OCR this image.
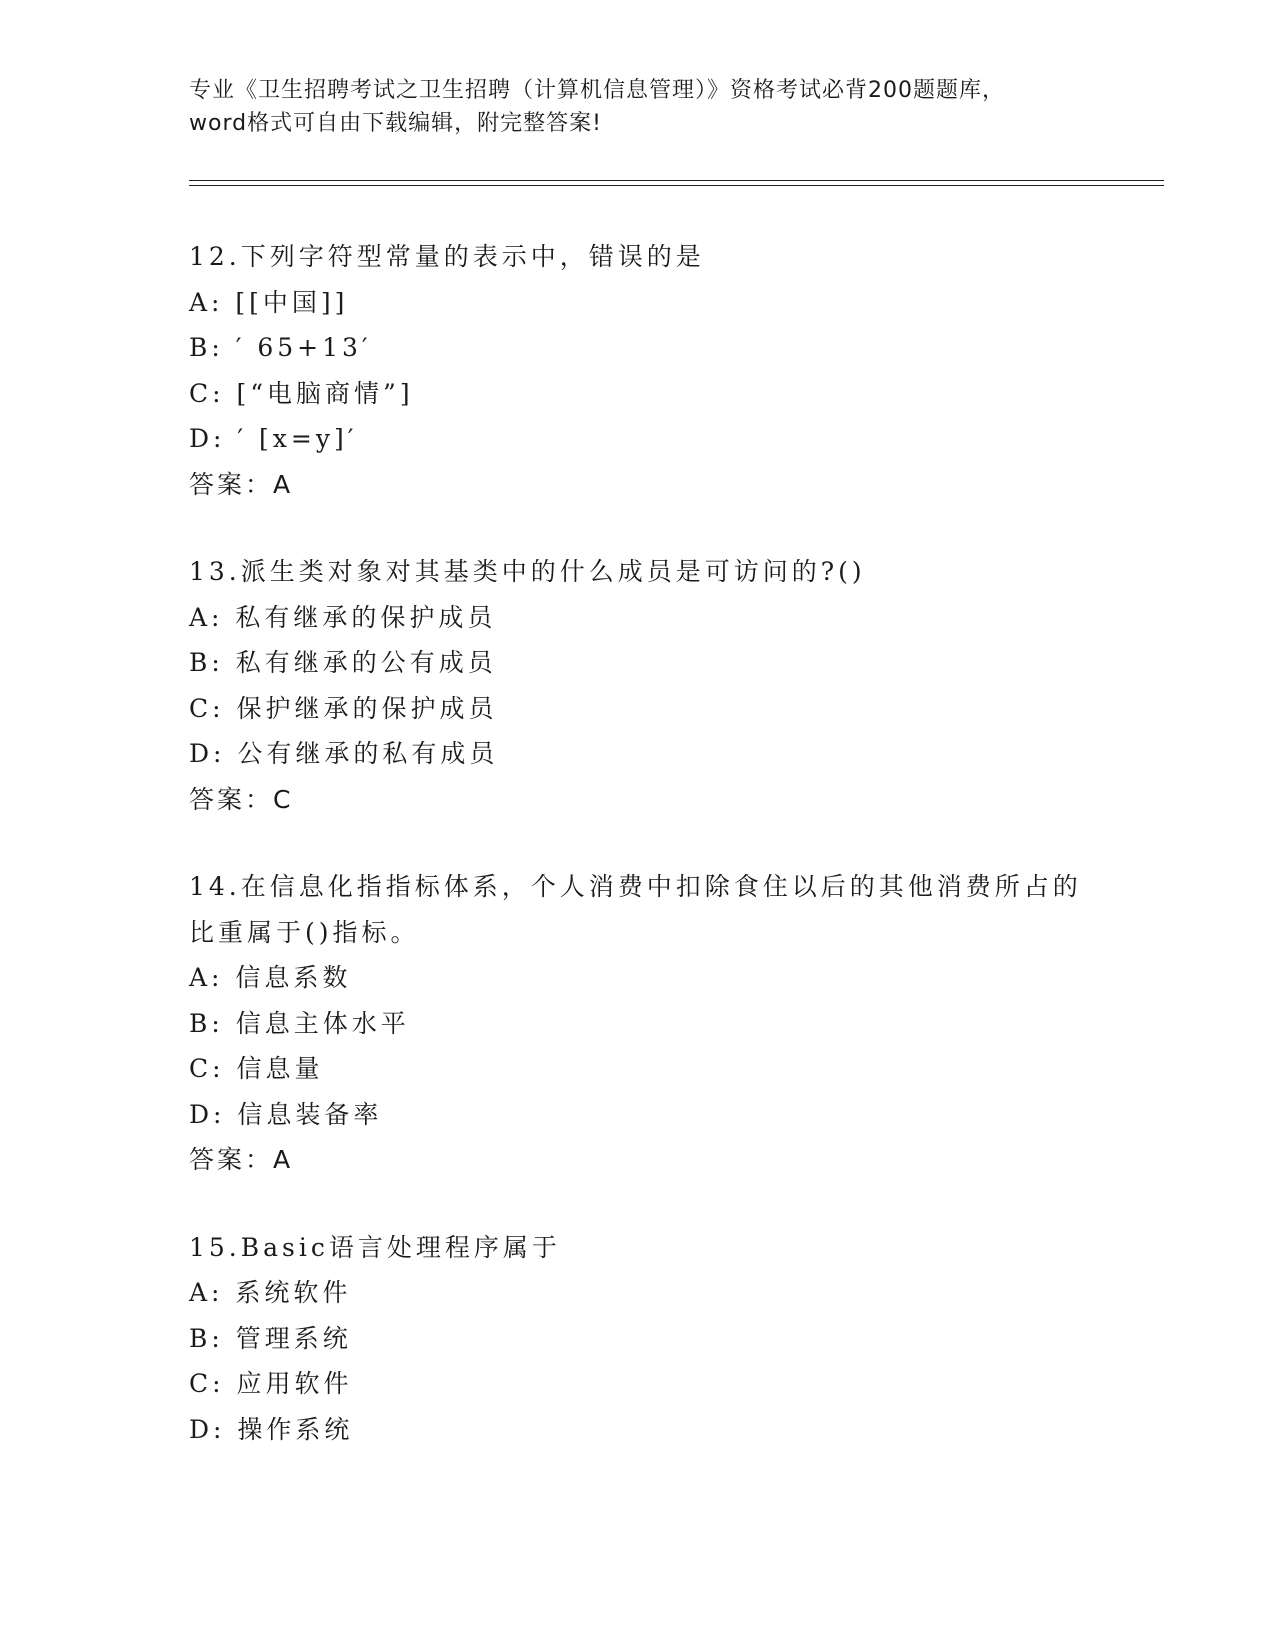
专业《卫生招聘考试之卫生招聘（计算机信息管理）》资格考试必背200题题库，
word格式可自由下载编辑，附完整答案!
12.下列字符型常量的表示中，错误的是
A: [[中国]]
B: ′ 65+13′
C: [“电脑商情”]
D: ′ [x=y]′
答案：A
13.派生类对象对其基类中的什么成员是可访问的?()
A: 私有继承的保护成员
B: 私有继承的公有成员
C: 保护继承的保护成员
D: 公有继承的私有成员
答案：C
14.在信息化指指标体系，个人消费中扣除食住以后的其他消费所占的比重属于()指标。
A: 信息系数
B: 信息主体水平
C: 信息量
D: 信息装备率
答案：A
15.Basic语言处理程序属于
A: 系统软件
B: 管理系统
C: 应用软件
D: 操作系统
